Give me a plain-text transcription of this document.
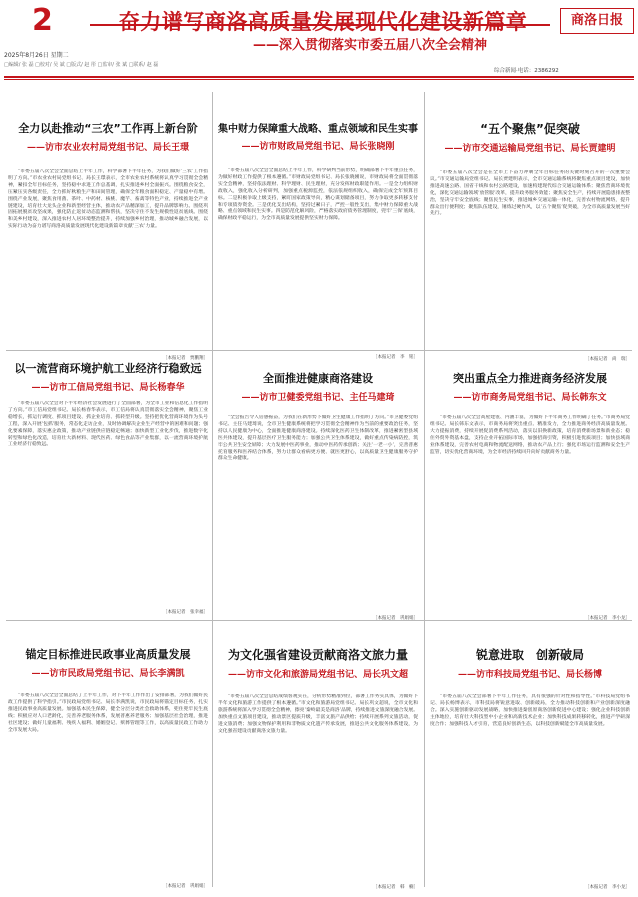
2	奋力谱写商洛高质量发展现代化建设新篇章
——深入贯彻落实市委五届八次全会精神
商洛日报
2025年8月26日 星期二
□编辑/ 张 磊 □校对/ 吴 斌 □版式/ 赵 彤 □监审/ 张 斌 □联系/ 赵 磊
综合新闻·电话：2386292
全力以赴推动“三农”工作再上新台阶
——访市农业农村局党组书记、局长王璟
“市委五届八次全会全面总结上半年工作，科学部署下半年任务，为我们做好‘三农’工作指明了方向。”市农业农村局党组书记、局长王璟表示，全市农业农村系统将认真学习贯彻全会精神，紧扣全年目标任务，坚持稳中求进工作总基调，扎实推进乡村全面振兴。围绕粮食安全，压紧压实各级责任，全力抓好秋粮生产和田间管理，确保全年粮食面积稳定、产量稳中有增。围绕产业发展，聚焦食用菌、茶叶、中药材、核桃、魔芋、畜禽等特色产业，持续推进全产业链建设，培育壮大龙头企业和新型经营主体，推动农产品精深加工，提升品牌影响力。围绕巩固拓展脱贫攻坚成果，强化防止返贫动态监测和帮扶，坚决守住不发生规模性返贫底线。围绕和美乡村建设，深入推进农村人居环境整治提升，持续加强乡村治理，推动城乡融合发展，以实际行动为奋力谱写商洛高质量发展现代化建设新篇章贡献‘三农’力量。
［本报记者　贾鹏翔］
集中财力保障重大战略、重点领域和民生实事
——访市财政局党组书记、局长张晓刚
“市委五届八次全会全面总结上半年工作，科学研判当前形势，明确部署下半年重点任务，为做好财政工作提供了根本遵循。”市财政局党组书记、局长张晓刚说，市财政局将全面贯彻落实全会精神，坚持依法理财、科学理财、民生理财，充分发挥财政职能作用。一是全力组织财政收入，强化收入分析研判，加强重点税源监控，依法依规组织收入，确保完成全年预算目标。二是积极争取上级支持，紧盯国家政策导向，精心谋划储备项目，努力争取更多转移支付和专项债券资金。三是优化支出结构，坚持过紧日子，严控一般性支出，集中财力保障重大战略、重点领域和民生实事。四是防范化解风险，严格落实政府债务管理制度，兜牢‘三保’底线，确保财政平稳运行，为全市高质量发展提供坚实财力保障。
［本报记者　李　铭］
“五个聚焦”促突破
——访市交通运输局党组书记、局长贾建明
“市委五届八次全会是在全市上下奋力冲刺全年目标任务的关键时刻召开的一次重要会议。”市交通运输局党组书记、局长贾建明表示，全市交通运输系统将聚焦重点项目建设，加快推进高速公路、国省干线和农村公路建设，加速构建现代综合交通运输体系；聚焦营商环境优化，深化交通运输领域‘放管服’改革，提升政务服务效能；聚焦安全生产，持续开展隐患排查整治，坚决守牢安全底线；聚焦民生实事，推进城乡交通运输一体化，完善农村物流网络，提升群众出行便利度；聚焦队伍建设，锤炼过硬作风，以‘五个聚焦’促突破，为全市高质量发展当好先行。
［本报记者　尚　瑞］
以一流营商环境护航工业经济行稳致远
——访市工信局党组书记、局长杨春华
“市委五届八次全会对下半年经济社会发展进行了全面部署，为全市工业和信息化工作指明了方向。”市工信局党组书记、局长杨春华表示，市工信局将认真贯彻落实全会精神，聚焦工业稳增长，抓运行调度、抓项目建设、抓企业培育、抓转型升级。坚持把优化营商环境作为头号工程，深入开展‘包抓’服务，常态化走访企业，及时协调解决企业生产经营中的困难和问题；强化要素保障，落实惠企政策，推动产业链供应链稳定畅通；加快新型工业化步伐，推进数字化转型和绿色化改造，培育壮大新材料、现代医药、绿色食品等产业集群，以一流营商环境护航工业经济行稳致远。
［本报记者　张幸福］
全面推进健康商洛建设
——访市卫健委党组书记、主任马建琦
“全会报告令人倍感振奋，为我们在新形势下做好卫生健康工作指明了方向。”市卫健委党组书记、主任马建琦说，全市卫生健康系统将把学习贯彻全会精神作为当前的重要政治任务，坚持以人民健康为中心，全面推进健康商洛建设。持续深化医药卫生体制改革，推进紧密型县域医共体建设，提升基层医疗卫生服务能力；加强公共卫生体系建设，做好重点传染病防控，筑牢公共卫生安全屏障；大力发展中医药事业，推动中医药传承创新；关注‘一老一小’，完善普惠托育服务和医养结合体系，努力让群众看病更方便、就医更舒心，以高质量卫生健康服务守护群众生命健康。
［本报记者　巩娟娟］
突出重点全力推进商务经济发展
——访市商务局党组书记、局长韩东文
“市委五届八次全会高屋建瓴、内涵丰富，为做好下半年商务工作明确了任务。”市商务局党组书记、局长韩东文表示，市商务局将突出重点、精准发力，全力推进商务经济高质量发展。大力提振消费，持续开展促消费系列活动，落实以旧换新政策，培育消费新场景和新业态；稳住外贸外资基本盘，支持企业开拓国际市场，加强招商引资，积极引进优质项目；加快县域商业体系建设，完善农村电商和物流配送网络，推动农产品上行；强化市场运行监测和安全生产监管，切实优化营商环境，为全市经济持续回升向好贡献商务力量。
［本报记者　李小龙］
锚定目标推进民政事业高质量发展
——访市民政局党组书记、局长李满凯
“市委五届八次全会全面总结了上半年工作，对下半年工作作出了安排部署，为我们做好民政工作提供了科学指引。”市民政局党组书记、局长李满凯说，市民政局将锚定目标任务，扎实推进民政事业高质量发展。加强基本民生保障，健全分层分类社会救助体系，兜住兜牢民生底线；积极应对人口老龄化，完善养老服务体系，发展普惠养老服务；加强基层社会治理，推进社区建设；做好儿童福利、残疾人福利、婚姻登记、殡葬管理等工作，以高质量民政工作助力全市发展大局。
［本报记者　巩娟娟］
为文化强省建设贡献商洛文旅力量
——访市文化和旅游局党组书记、局长巩文超
“市委五届八次全会总结成绩客观实在，分析形势精准到位，部署工作务实具体，为做好下半年文化和旅游工作提供了根本遵循。”市文化和旅游局党组书记、局长巩文超说，全市文化和旅游系统将深入学习贯彻全会精神，擦亮‘秦岭最美是商洛’品牌，持续推进文旅深度融合发展。加快重点文旅项目建设，推动景区提质升级，丰富文旅产品供给；持续开展系列文旅活动，促进文旅消费；加强文物保护利用和非物质文化遗产传承发展，推进公共文化服务体系建设，为文化强省建设贡献商洛文旅力量。
［本报记者　韩　楠］
锐意进取　创新破局
——访市科技局党组书记、局长杨博
“市委五届八次全会部署下半年工作任务，具有很强的针对性和指导性。”市科技局党组书记、局长杨博表示，市科技局将锐意进取、创新破局，全力推动科技创新和产业创新深度融合。深入实施创新驱动发展战略，加快推进秦创原商洛创新促进中心建设；强化企业科技创新主体地位，培育壮大科技型中小企业和高新技术企业；加快科技成果转移转化，推进产学研深度合作；加强科技人才引育，营造良好创新生态，以科技创新赋能全市高质量发展。
［本报记者　李小龙］
